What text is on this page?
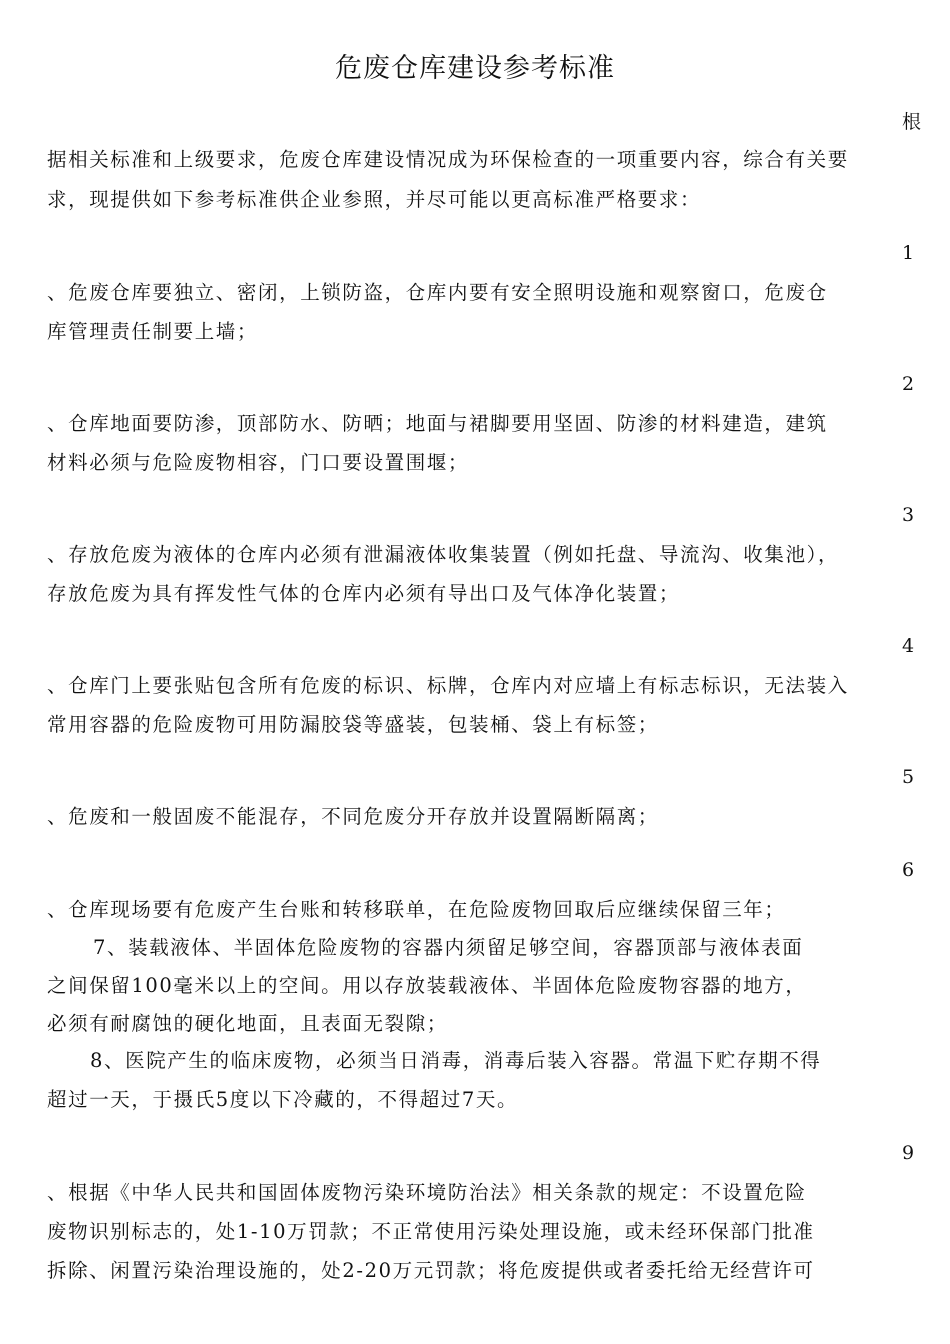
危废仓库建设参考标准
根
据相关标准和上级要求，危废仓库建设情况成为环保检查的一项重要内容，综合有关要
求，现提供如下参考标准供企业参照，并尽可能以更高标准严格要求：
1
、危废仓库要独立、密闭，上锁防盗，仓库内要有安全照明设施和观察窗口，危废仓
库管理责任制要上墙；
2
、仓库地面要防渗，顶部防水、防晒；地面与裙脚要用坚固、防渗的材料建造，建筑
材料必须与危险废物相容，门口要设置围堰；
3
、存放危废为液体的仓库内必须有泄漏液体收集装置（例如托盘、导流沟、收集池），
存放危废为具有挥发性气体的仓库内必须有导出口及气体净化装置；
4
、仓库门上要张贴包含所有危废的标识、标牌，仓库内对应墙上有标志标识，无法装入
常用容器的危险废物可用防漏胶袋等盛装，包装桶、袋上有标签；
5
、危废和一般固废不能混存，不同危废分开存放并设置隔断隔离；
6
、仓库现场要有危废产生台账和转移联单，在危险废物回取后应继续保留三年；
7、装载液体、半固体危险废物的容器内须留足够空间，容器顶部与液体表面
之间保留100毫米以上的空间。用以存放装载液体、半固体危险废物容器的地方，
必须有耐腐蚀的硬化地面，且表面无裂隙；
8、医院产生的临床废物，必须当日消毒，消毒后装入容器。常温下贮存期不得
超过一天，于摄氏5度以下冷藏的，不得超过7天。
9
、根据《中华人民共和国固体废物污染环境防治法》相关条款的规定：不设置危险
废物识别标志的，处1-10万罚款；不正常使用污染处理设施，或未经环保部门批准
拆除、闲置污染治理设施的，处2-20万元罚款；将危废提供或者委托给无经营许可
